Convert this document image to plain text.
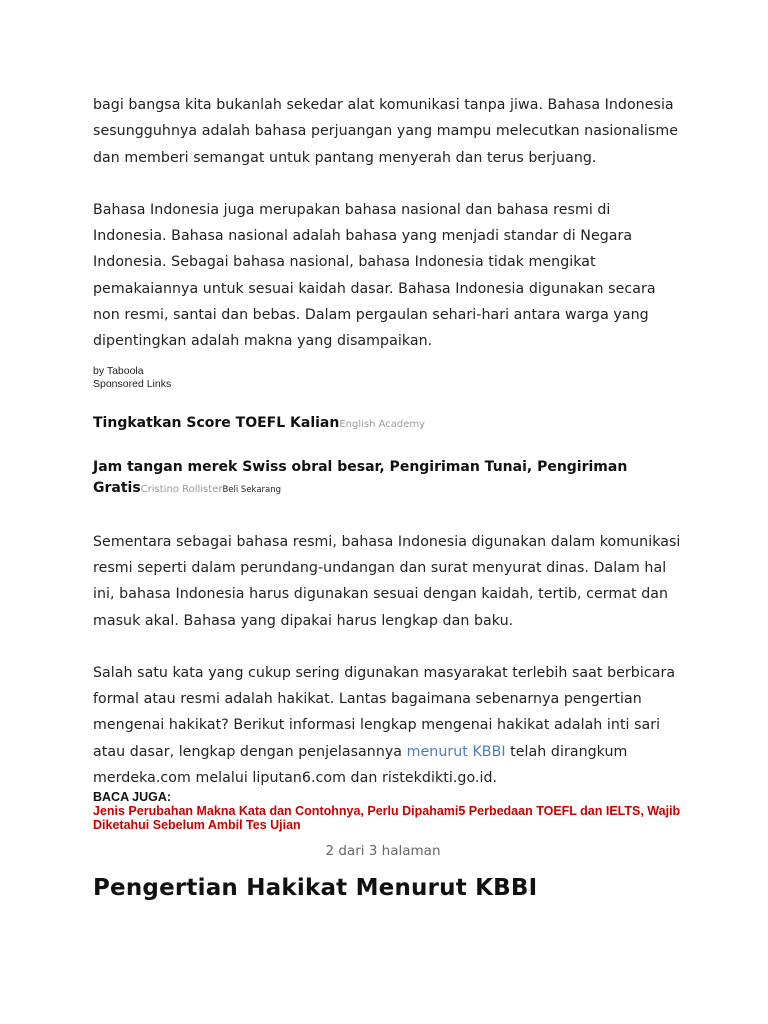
bagi bangsa kita bukanlah sekedar alat komunikasi tanpa jiwa. Bahasa Indonesia sesungguhnya adalah bahasa perjuangan yang mampu melecutkan nasionalisme dan memberi semangat untuk pantang menyerah dan terus berjuang.

Bahasa Indonesia juga merupakan bahasa nasional dan bahasa resmi di Indonesia. Bahasa nasional adalah bahasa yang menjadi standar di Negara Indonesia. Sebagai bahasa nasional, bahasa Indonesia tidak mengikat pemakaiannya untuk sesuai kaidah dasar. Bahasa Indonesia digunakan secara non resmi, santai dan bebas. Dalam pergaulan sehari-hari antara warga yang dipentingkan adalah makna yang disampaikan.

by Taboola
Sponsored Links
Tingkatkan Score TOEFL KalianEnglish Academy
Jam tangan merek Swiss obral besar, Pengiriman Tunai, Pengiriman GratisCristino RollisterBeli Sekarang

Sementara sebagai bahasa resmi, bahasa Indonesia digunakan dalam komunikasi resmi seperti dalam perundang-undangan dan surat menyurat dinas. Dalam hal ini, bahasa Indonesia harus digunakan sesuai dengan kaidah, tertib, cermat dan masuk akal. Bahasa yang dipakai harus lengkap dan baku.

Salah satu kata yang cukup sering digunakan masyarakat terlebih saat berbicara formal atau resmi adalah hakikat. Lantas bagaimana sebenarnya pengertian mengenai hakikat? Berikut informasi lengkap mengenai hakikat adalah inti sari atau dasar, lengkap dengan penjelasannya menurut KBBI telah dirangkum merdeka.com melalui liputan6.com dan ristekdikti.go.id.

BACA JUGA:
Jenis Perubahan Makna Kata dan Contohnya, Perlu Dipahami5 Perbedaan TOEFL dan IELTS, Wajib Diketahui Sebelum Ambil Tes Ujian
2 dari 3 halaman
Pengertian Hakikat Menurut KBBI
